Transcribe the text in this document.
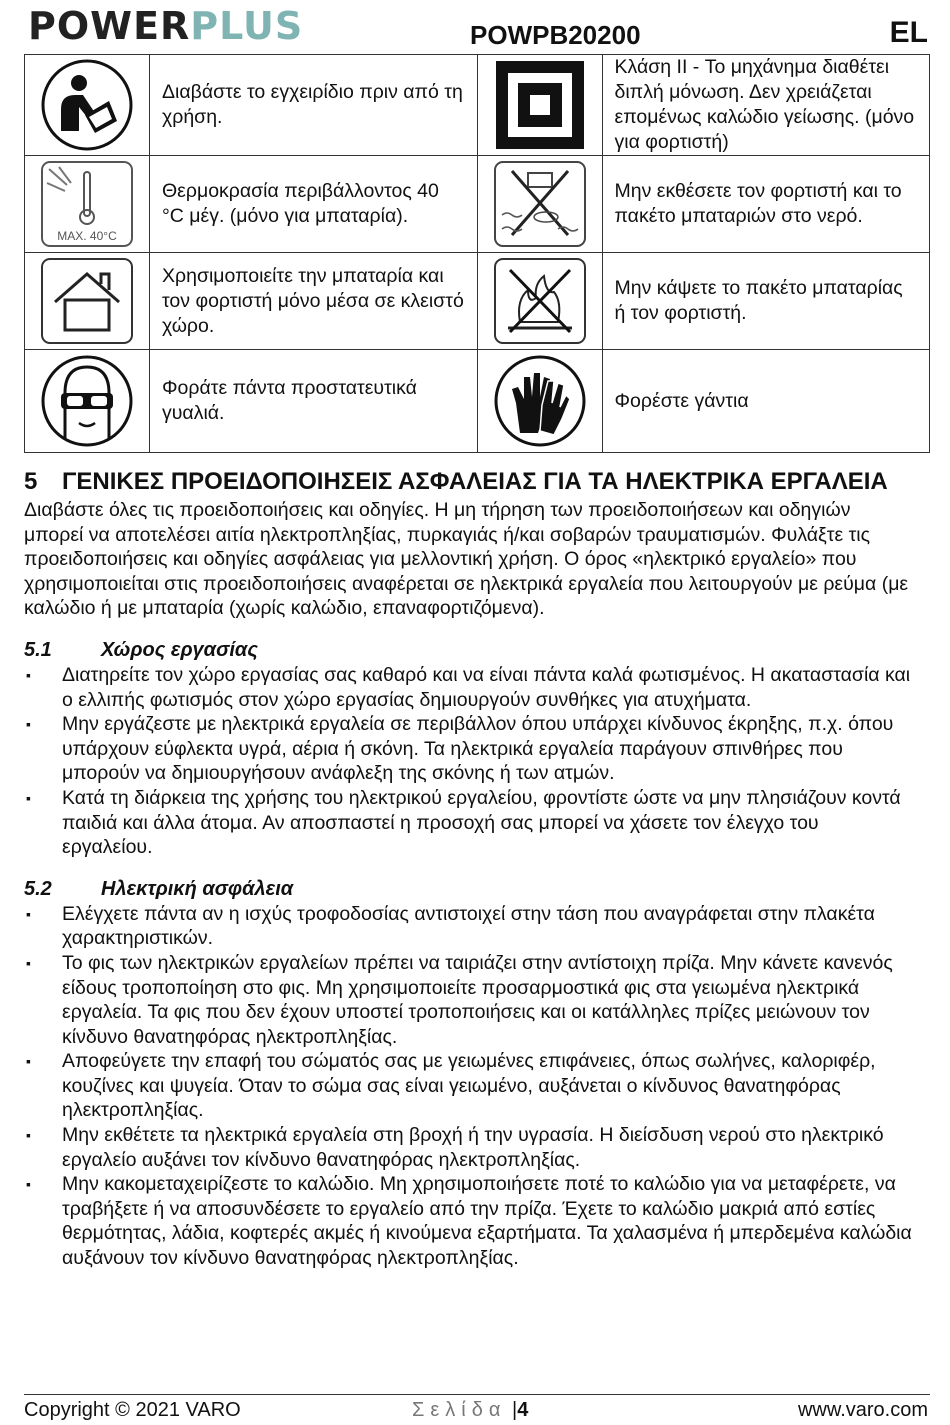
POWERPLUS	POWPB20200	EL
	Διαβάστε το εγχειρίδιο πριν από τη χρήση.		Κλάση II - Το μηχάνημα διαθέτει διπλή μόνωση. Δεν χρειάζεται επομένως καλώδιο γείωσης. (μόνο για φορτιστή)

MAX. 40°C	Θερμοκρασία περιβάλλοντος 40 °C μέγ. (μόνο για μπαταρία).		Μην εκθέσετε τον φορτιστή και το πακέτο μπαταριών στο νερό.

	Χρησιμοποιείτε την μπαταρία και τον φορτιστή μόνο μέσα σε κλειστό χώρο.		Μην κάψετε το πακέτο μπαταρίας ή τον φορτιστή.

	Φοράτε πάντα προστατευτικά γυαλιά.		Φορέστε γάντια
5	ΓΕΝΙΚΕΣ ΠΡΟΕΙΔΟΠΟΙΗΣΕΙΣ ΑΣΦΑΛΕΙΑΣ ΓΙΑ ΤΑ ΗΛΕΚΤΡΙΚΑ ΕΡΓΑΛΕΙΑ

Διαβάστε όλες τις προειδοποιήσεις και οδηγίες. Η μη τήρηση των προειδοποιήσεων και οδηγιών μπορεί να αποτελέσει αιτία ηλεκτροπληξίας, πυρκαγιάς ή/και σοβαρών τραυματισμών. Φυλάξτε τις προειδοποιήσεις και οδηγίες ασφάλειας για μελλοντική χρήση. Ο όρος «ηλεκτρικό εργαλείο» που χρησιμοποιείται στις προειδοποιήσεις αναφέρεται σε ηλεκτρικά εργαλεία που λειτουργούν με ρεύμα (με καλώδιο ή με μπαταρία (χωρίς καλώδιο, επαναφορτιζόμενα).

5.1	Χώρος εργασίας
▪ Διατηρείτε τον χώρο εργασίας σας καθαρό και να είναι πάντα καλά φωτισμένος. Η ακαταστασία και ο ελλιπής φωτισμός στον χώρο εργασίας δημιουργούν συνθήκες για ατυχήματα.
▪ Μην εργάζεστε με ηλεκτρικά εργαλεία σε περιβάλλον όπου υπάρχει κίνδυνος έκρηξης, π.χ. όπου υπάρχουν εύφλεκτα υγρά, αέρια ή σκόνη. Τα ηλεκτρικά εργαλεία παράγουν σπινθήρες που μπορούν να δημιουργήσουν ανάφλεξη της σκόνης ή των ατμών.
▪ Κατά τη διάρκεια της χρήσης του ηλεκτρικού εργαλείου, φροντίστε ώστε να μην πλησιάζουν κοντά παιδιά και άλλα άτομα. Αν αποσπαστεί η προσοχή σας μπορεί να χάσετε τον έλεγχο του εργαλείου.
5.2	Ηλεκτρική ασφάλεια
▪ Ελέγχετε πάντα αν η ισχύς τροφοδοσίας αντιστοιχεί στην τάση που αναγράφεται στην πλακέτα χαρακτηριστικών.
▪ Το φις των ηλεκτρικών εργαλείων πρέπει να ταιριάζει στην αντίστοιχη πρίζα. Μην κάνετε κανενός είδους τροποποίηση στο φις. Μη χρησιμοποιείτε προσαρμοστικά φις στα γειωμένα ηλεκτρικά εργαλεία. Τα φις που δεν έχουν υποστεί τροποποιήσεις και οι κατάλληλες πρίζες μειώνουν τον κίνδυνο θανατηφόρας ηλεκτροπληξίας.
▪ Αποφεύγετε την επαφή του σώματός σας με γειωμένες επιφάνειες, όπως σωλήνες, καλοριφέρ, κουζίνες και ψυγεία. Όταν το σώμα σας είναι γειωμένο, αυξάνεται ο κίνδυνος θανατηφόρας ηλεκτροπληξίας.
▪ Μην εκθέτετε τα ηλεκτρικά εργαλεία στη βροχή ή την υγρασία. Η διείσδυση νερού στο ηλεκτρικό εργαλείο αυξάνει τον κίνδυνο θανατηφόρας ηλεκτροπληξίας.
▪ Μην κακομεταχειρίζεστε το καλώδιο. Μη χρησιμοποιήσετε ποτέ το καλώδιο για να μεταφέρετε, να τραβήξετε ή να αποσυνδέσετε το εργαλείο από την πρίζα. Έχετε το καλώδιο μακριά από εστίες θερμότητας, λάδια, κοφτερές ακμές ή κινούμενα εξαρτήματα. Τα χαλασμένα ή μπερδεμένα καλώδια αυξάνουν τον κίνδυνο θανατηφόρας ηλεκτροπληξίας.
Copyright © 2021 VARO	Σελίδα |4	www.varo.com
